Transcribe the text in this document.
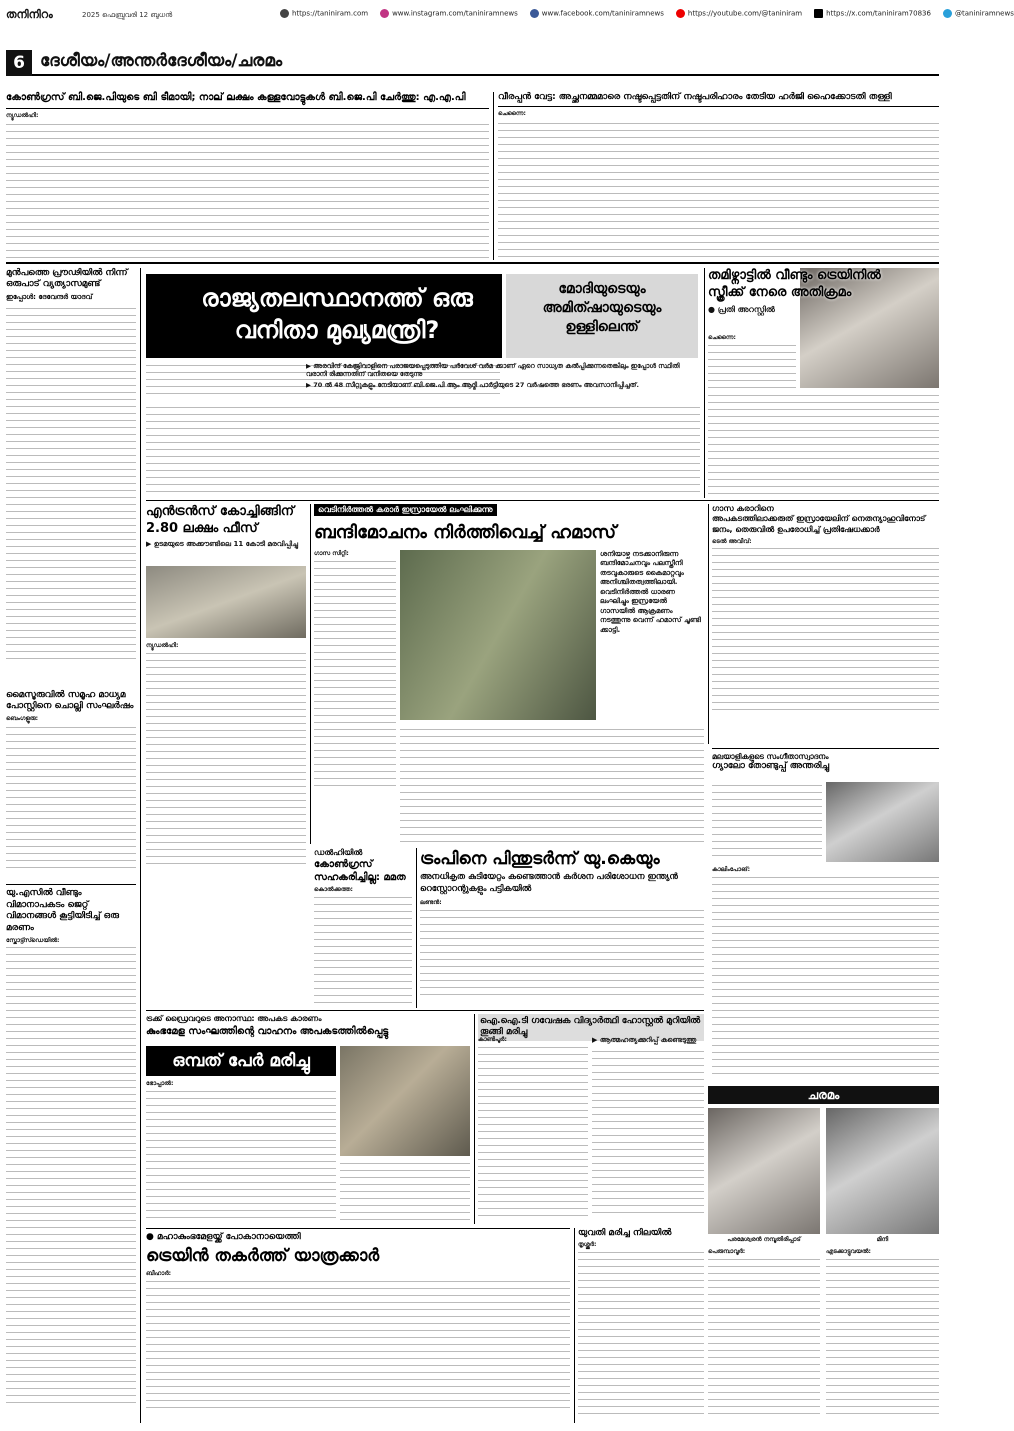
തനിനിറം	2025 ഫെബ്രുവരി 12 ബുധന്‍	https://taniniram.com	www.instagram.com/taniniramnews	www.facebook.com/taniniramnews	https://youtube.com/@taniniram	https://x.com/taniniram70836	@taniniramnews
6 ദേശീയം/അന്തർദേശീയം/ചരമം
കോൺഗ്രസ് ബി.ജെ.പിയുടെ ബി ടീമായി; നാല് ലക്ഷം കള്ളവോട്ടുകൾ ബി.ജെ.പി ചേർത്തു: എ.എ.പി
ന്യൂഡല്‍ഹി:
വീരപ്പന്‍ വേട്ട: അച്ഛനമ്മമാരെ നഷ്ടപ്പെട്ടതിന് നഷ്ടപരിഹാരം തേടിയ ഹർജി ഹൈക്കോടതി തള്ളി
ചെന്നൈ:
മുന്‍പത്തെ പ്രൗഢിയിൽ നിന്ന് ഒരുപാട് വ്യത്യാസമുണ്ട്
ഇപ്പോൾ: ദേവേന്ദർ യാദവ്	രാജ്യതലസ്ഥാനത്ത് ഒരു വനിതാ മുഖ്യമന്ത്രി?
മോദിയുടെയും അമിത്ഷായുടെയും ഉള്ളിലെന്ത്
▶ അരവിന്ദ് കേജ്രിവാളിനെ പരാജയപ്പെടുത്തിയ പർവേശ് വർമ ക്കാണ് ഏറെ സാധ്യത കൽപ്പിക്കുന്നതെങ്കിലും ഇപ്പോൾ സ്ഥിതി വരാനി രിക്കുന്നതിന് വനിതയെ തേടുന്നു
▶ 70 ൽ 48 സീറ്റുകളും നേടിയാണ് ബി.ജെ.പി ആം ആദ്മി പാർട്ടിയുടെ 27 വർഷത്തെ ഭരണം അവസാനിപ്പിച്ചത്.
തമിഴ്നാട്ടിൽ വീണ്ടും ട്രെയിനിൽ സ്ത്രീക്ക് നേരെ അതിക്രമം
● പ്രതി അറസ്റ്റിൽ
ചെന്നൈ:
മൈസൂരുവിൽ സമൂഹ മാധ്യമ പോസ്റ്റിനെ ചൊല്ലി സംഘർഷം
ബെംഗളൂരു:
എൻട്രൻസ് കോച്ചിങ്ങിന് 2.80 ലക്ഷം ഫീസ്
▶ ഉടമയുടെ അക്കൗണ്ടിലെ 11 കോടി മരവിപ്പിച്ചു
ന്യൂഡൽഹി:
വെടിനിർത്തൽ കരാർ ഇസ്രായേൽ ലംഘിക്കുന്നു
ബന്ദിമോചനം നിർത്തിവെച്ച് ഹമാസ്
ഗാസ സിറ്റി:	ശനിയാഴ്ച നടക്കാനിരുന്ന ബന്ദിമോചനവും പലസ്തീനി തടവുകാരുടെ കൈമാറ്റവും അനിശ്ചിതത്വത്തിലായി. വെടിനിർത്തൽ ധാരണ ലംഘിച്ചും ഇസ്രയേൽ ഗാസയിൽ ആക്രമണം നടത്തുന്നു വെന്ന് ഹമാസ് ചൂണ്ടി ക്കാട്ടി.
ഗാസ കരാറിനെ
അപകടത്തിലാക്കരുത് ഇസ്രായേലിന് നെതന്യാഹുവിനോട് ജനം, തെരുവിൽ ഉപരോധിച്ച് പ്രതിഷേധക്കാർ
ടെൽ അവീവ്:
ഡൽഹിയിൽ
കോൺഗ്രസ് സഹകരിച്ചില്ല: മമത
കൊൽക്കത്ത:
ട്രംപിനെ പിന്തുടർന്ന് യു.കെയും
അനധികൃത കുടിയേറ്റം കണ്ടെത്താൻ കർശന പരിശോധന ഇന്ത്യൻ റെസ്റ്റോറന്റുകളും പട്ടികയിൽ
ലണ്ടൻ:
മലയാളികളുടെ സംഗീതാസ്വാദനം
ഗ്യാലോ തോണ്ടുപ്പ് അന്തരിച്ചു
കാലിംപോങ്:
യു.എസിൽ വീണ്ടും വിമാനാപകടം ജെറ്റ് വിമാനങ്ങൾ കൂട്ടിയിടിച്ച് ഒരു മരണം
സ്കോട്ട്സ്ഡെയിൽ:
ട്രക്ക് ഡ്രൈവറുടെ അനാസ്ഥ: അപകട കാരണം
കുംഭമേള സംഘത്തിന്റെ വാഹനം അപകടത്തിൽപ്പെട്ടു
ഒമ്പത് പേർ മരിച്ചു
ഭോപ്പാൽ:
ഐ.ഐ.ടി ഗവേഷക വിദ്യാർത്ഥി ഹോസ്റ്റൽ മുറിയിൽ തൂങ്ങി മരിച്ചു
കാൺപൂർ:	▶ ആത്മഹത്യക്കുറിപ്പ് കണ്ടെടുത്തു
● മഹാകുംഭമേളയ്ക്ക് പോകാനായെത്തി
ട്രെയിൻ തകർത്ത് യാത്രക്കാർ
ബീഹാർ:
യുവതി മരിച്ച നിലയിൽ
തൃശ്ശൂർ:
ചരമം
പരമേശ്വരൻ നമ്പൂതിരിപ്പാട്	മിനി
പെരുമ്പാവൂർ:	എടക്കാട്ടുവയൽ:
